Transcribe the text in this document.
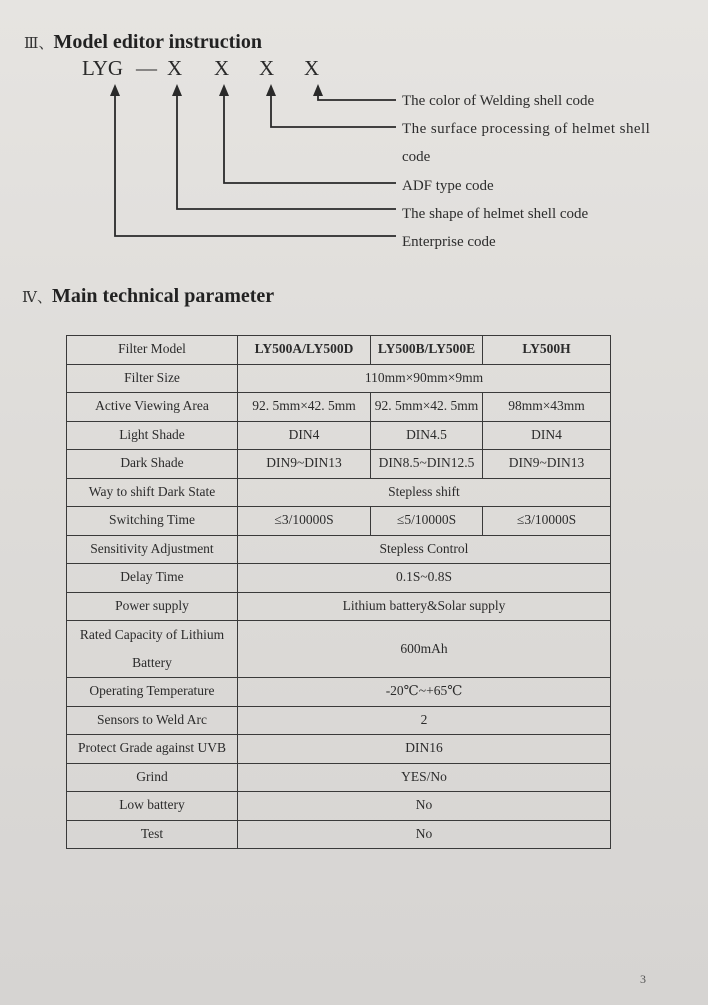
Ⅲ、Model editor instruction
LYG — X X X X
The color of Welding shell code
The surface processing of helmet shell
code
ADF type code
The shape of helmet shell code
Enterprise code
Ⅳ、Main technical parameter
Filter Model	LY500A/LY500D	LY500B/LY500E	LY500H
Filter Size	110mm×90mm×9mm		
Active Viewing Area	92. 5mm×42. 5mm	92. 5mm×42. 5mm	98mm×43mm
Light Shade	DIN4	DIN4.5	DIN4
Dark Shade	DIN9~DIN13	DIN8.5~DIN12.5	DIN9~DIN13
Way to shift Dark State	Stepless shift		
Switching Time	≤3/10000S	≤5/10000S	≤3/10000S
Sensitivity Adjustment	Stepless Control		
Delay Time	0.1S~0.8S		
Power supply	Lithium battery&Solar supply		
Rated Capacity of Lithium
Battery	600mAh		
Operating Temperature	-20℃~+65℃		
Sensors to Weld Arc	2		
Protect Grade against UVB	DIN16		
Grind	YES/No		
Low battery	No		
Test	No		
3
